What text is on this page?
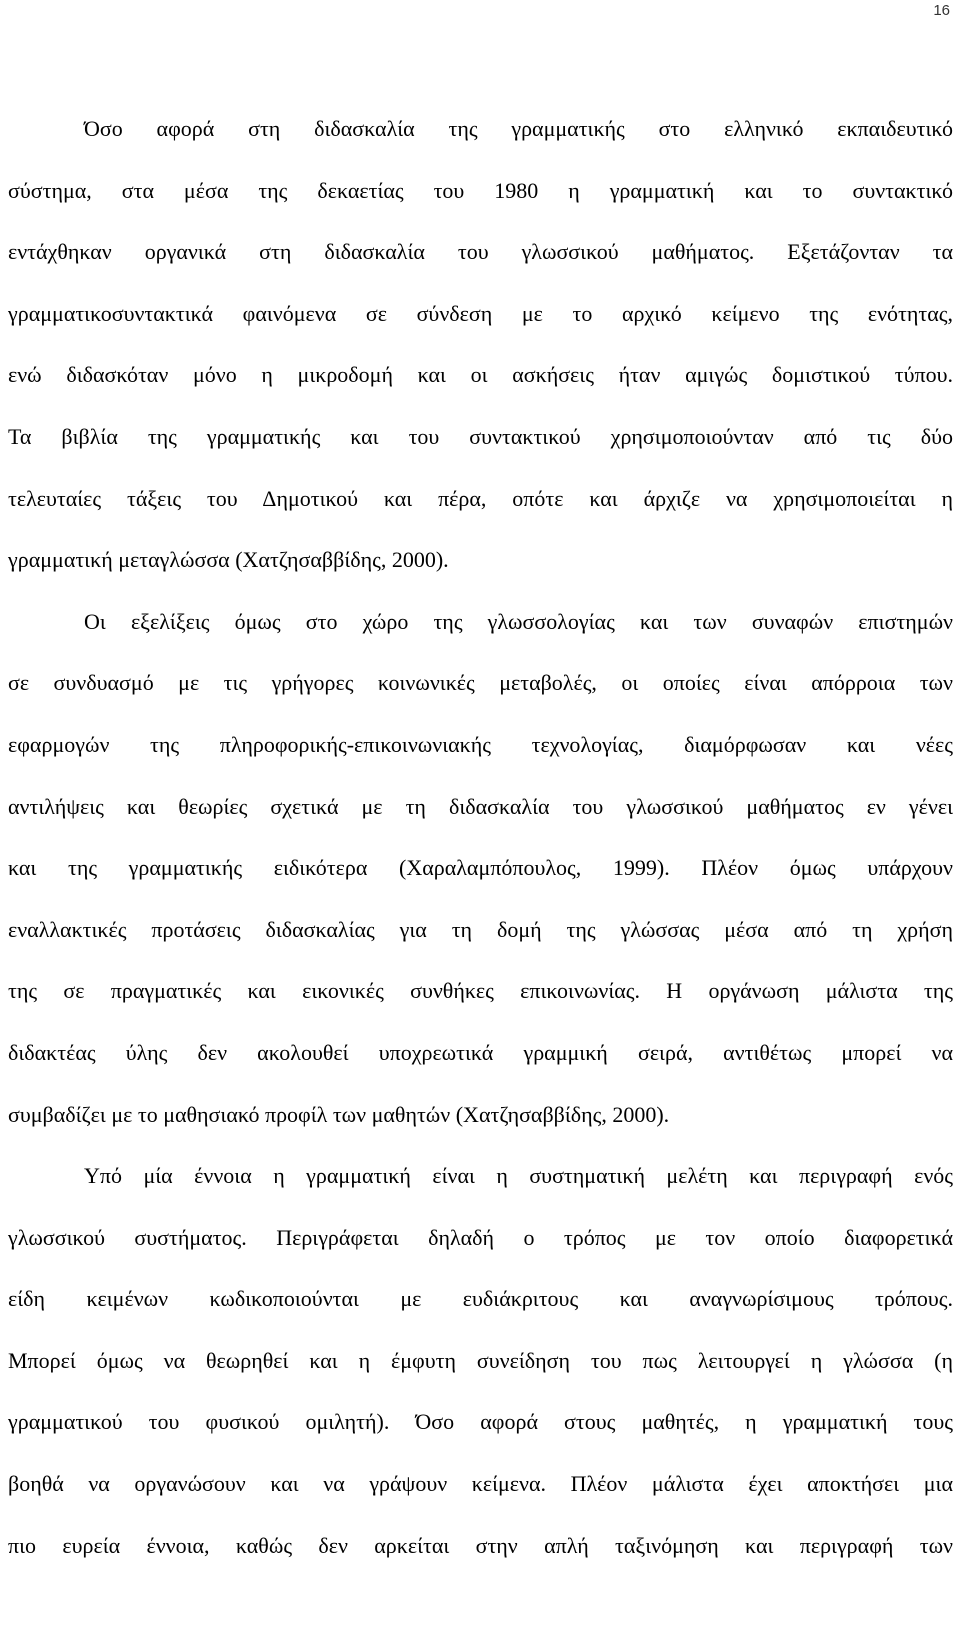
16
Όσο αφορά στη διδασκαλία της γραμματικής στο ελληνικό εκπαιδευτικό
σύστημα, στα μέσα της δεκαετίας του 1980 η γραμματική και το συντακτικό
εντάχθηκαν οργανικά στη διδασκαλία του γλωσσικού μαθήματος. Εξετάζονταν τα
γραμματικοσυντακτικά φαινόμενα σε σύνδεση με το αρχικό κείμενο της ενότητας,
ενώ διδασκόταν μόνο η μικροδομή και οι ασκήσεις ήταν αμιγώς δομιστικού τύπου.
Τα βιβλία της γραμματικής και του συντακτικού χρησιμοποιούνταν από τις δύο
τελευταίες τάξεις του Δημοτικού και πέρα, οπότε και άρχιζε να χρησιμοποιείται η
γραμματική μεταγλώσσα (Χατζησαββίδης, 2000).
Οι εξελίξεις όμως στο χώρο της γλωσσολογίας και των συναφών επιστημών
σε συνδυασμό με τις γρήγορες κοινωνικές μεταβολές, οι οποίες είναι απόρροια των
εφαρμογών της πληροφορικής-επικοινωνιακής τεχνολογίας, διαμόρφωσαν και νέες
αντιλήψεις και θεωρίες σχετικά με τη διδασκαλία του γλωσσικού μαθήματος εν γένει
και της γραμματικής ειδικότερα (Χαραλαμπόπουλος, 1999). Πλέον όμως υπάρχουν
εναλλακτικές προτάσεις διδασκαλίας για τη δομή της γλώσσας μέσα από τη χρήση
της σε πραγματικές και εικονικές συνθήκες επικοινωνίας. Η οργάνωση μάλιστα της
διδακτέας ύλης δεν ακολουθεί υποχρεωτικά γραμμική σειρά, αντιθέτως μπορεί να
συμβαδίζει με το μαθησιακό προφίλ των μαθητών (Χατζησαββίδης, 2000).
Υπό μία έννοια η γραμματική είναι η συστηματική μελέτη και περιγραφή ενός
γλωσσικού συστήματος. Περιγράφεται δηλαδή ο τρόπος με τον οποίο διαφορετικά
είδη κειμένων κωδικοποιούνται με ευδιάκριτους και αναγνωρίσιμους τρόπους.
Μπορεί όμως να θεωρηθεί και η έμφυτη συνείδηση του πως λειτουργεί η γλώσσα (η
γραμματικού του φυσικού ομιλητή). Όσο αφορά στους μαθητές, η γραμματική τους
βοηθά να οργανώσουν και να γράψουν κείμενα. Πλέον μάλιστα έχει αποκτήσει μια
πιο ευρεία έννοια, καθώς δεν αρκείται στην απλή ταξινόμηση και περιγραφή των
